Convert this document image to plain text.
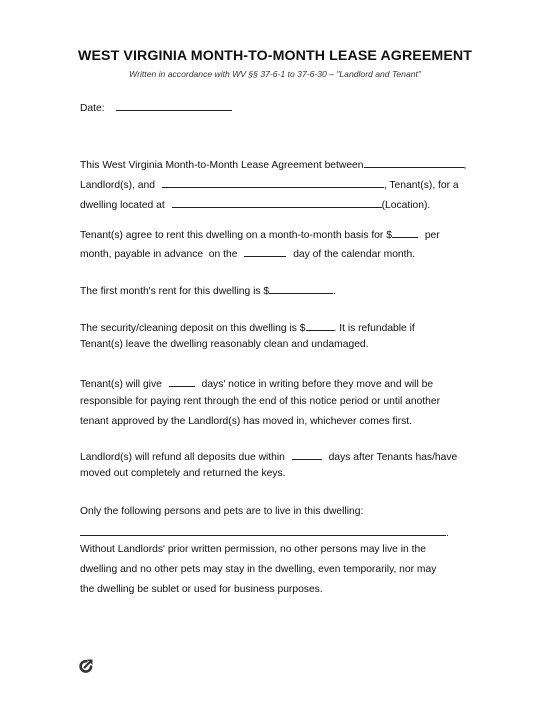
WEST VIRGINIA MONTH-TO-MONTH LEASE AGREEMENT
Written in accordance with WV §§ 37-6-1 to 37-6-30 – "Landlord and Tenant"
Date:
This West Virginia Month-to-Month Lease Agreement between	,
Landlord(s), and	, Tenant(s), for a
dwelling located at	(Location).
Tenant(s) agree to rent this dwelling on a month-to-month basis for $	per
month, payable in advance  on the	day of the calendar month.
The first month's rent for this dwelling is $	.
The security/cleaning deposit on this dwelling is $	. It is refundable if
Tenant(s) leave the dwelling reasonably clean and undamaged.
Tenant(s) will give	days' notice in writing before they move and will be
responsible for paying rent through the end of this notice period or until another
tenant approved by the Landlord(s) has moved in, whichever comes first.
Landlord(s) will refund all deposits due within	days after Tenants has/have
moved out completely and returned the keys.
Only the following persons and pets are to live in this dwelling:
.
Without Landlords' prior written permission, no other persons may live in the
dwelling and no other pets may stay in the dwelling, even temporarily, nor may
the dwelling be sublet or used for business purposes.
